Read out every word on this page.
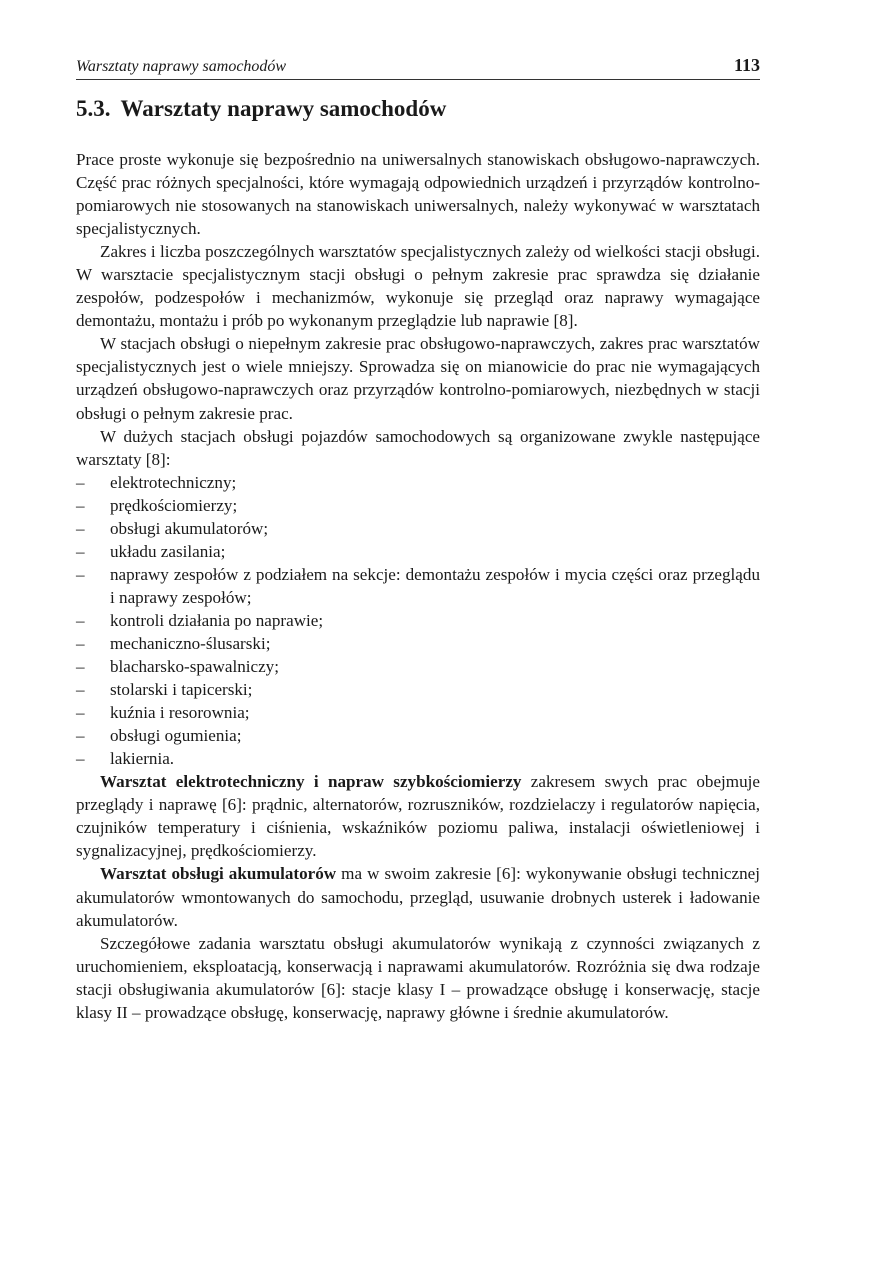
Warsztaty naprawy samochodów	113
5.3. Warsztaty naprawy samochodów

Prace proste wykonuje się bezpośrednio na uniwersalnych stanowiskach obsługowo-naprawczych. Część prac różnych specjalności, które wymagają odpowiednich urządzeń i przyrządów kontrolno-pomiarowych nie stosowanych na stanowiskach uniwersalnych, należy wykonywać w warsztatach specjalistycznych.

Zakres i liczba poszczególnych warsztatów specjalistycznych zależy od wielkości stacji obsługi. W warsztacie specjalistycznym stacji obsługi o pełnym zakresie prac sprawdza się działanie zespołów, podzespołów i mechanizmów, wykonuje się przegląd oraz naprawy wymagające demontażu, montażu i prób po wykonanym przeglądzie lub naprawie [8].

W stacjach obsługi o niepełnym zakresie prac obsługowo-naprawczych, zakres prac warsztatów specjalistycznych jest o wiele mniejszy. Sprowadza się on mianowicie do prac nie wymagających urządzeń obsługowo-naprawczych oraz przyrządów kontrolno-pomiarowych, niezbędnych w stacji obsługi o pełnym zakresie prac.

W dużych stacjach obsługi pojazdów samochodowych są organizowane zwykle następujące warsztaty [8]:

– elektrotechniczny;
– prędkościomierzy;
– obsługi akumulatorów;
– układu zasilania;
– naprawy zespołów z podziałem na sekcje: demontażu zespołów i mycia części oraz przeglądu i naprawy zespołów;
– kontroli działania po naprawie;
– mechaniczno-ślusarski;
– blacharsko-spawalniczy;
– stolarski i tapicerski;
– kuźnia i resorownia;
– obsługi ogumienia;
– lakiernia.

Warsztat elektrotechniczny i napraw szybkościomierzy zakresem swych prac obejmuje przeglądy i naprawę [6]: prądnic, alternatorów, rozruszników, rozdzielaczy i regulatorów napięcia, czujników temperatury i ciśnienia, wskaźników poziomu paliwa, instalacji oświetleniowej i sygnalizacyjnej, prędkościomierzy.

Warsztat obsługi akumulatorów ma w swoim zakresie [6]: wykonywanie obsługi technicznej akumulatorów wmontowanych do samochodu, przegląd, usuwanie drobnych usterek i ładowanie akumulatorów.

Szczegółowe zadania warsztatu obsługi akumulatorów wynikają z czynności związanych z uruchomieniem, eksploatacją, konserwacją i naprawami akumulatorów. Rozróżnia się dwa rodzaje stacji obsługiwania akumulatorów [6]: stacje klasy I – prowadzące obsługę i konserwację, stacje klasy II – prowadzące obsługę, konserwację, naprawy główne i średnie akumulatorów.
